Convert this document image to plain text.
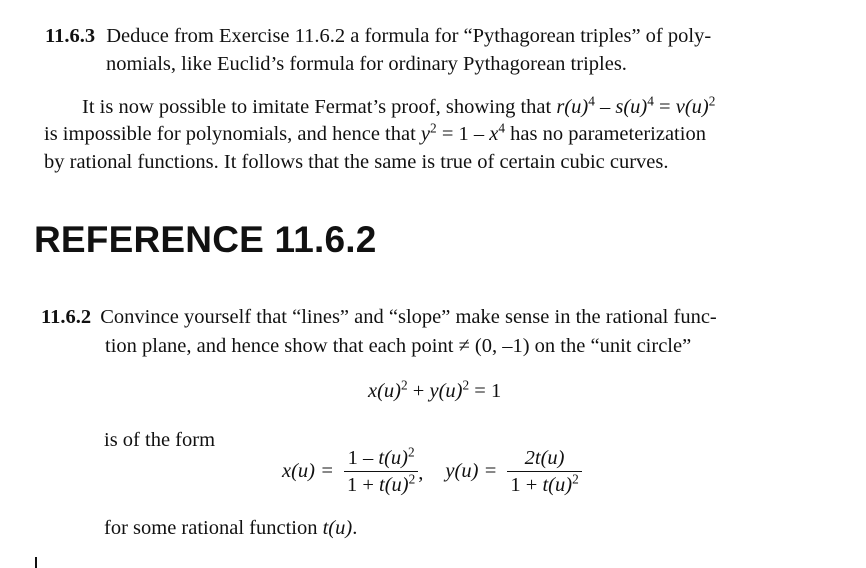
11.6.3 Deduce from Exercise 11.6.2 a formula for “Pythagorean triples” of poly-
nomials, like Euclid’s formula for ordinary Pythagorean triples.
It is now possible to imitate Fermat’s proof, showing that $r(u)^4 - s(u)^4 = v(u)^2$
is impossible for polynomials, and hence that $y^2 = 1 - x^4$ has no parameterization
by rational functions. It follows that the same is true of certain cubic curves.
REFERENCE 11.6.2
11.6.2 Convince yourself that “lines” and “slope” make sense in the rational func-
tion plane, and hence show that each point ≠ (0, –1) on the “unit circle”
$x(u)^2 + y(u)^2 = 1$
is of the form
$x(u) = \frac{1 - t(u)^2}{1 + t(u)^2}$ , $y(u) = \frac{2t(u)}{1 + t(u)^2}$
for some rational function t(u).
